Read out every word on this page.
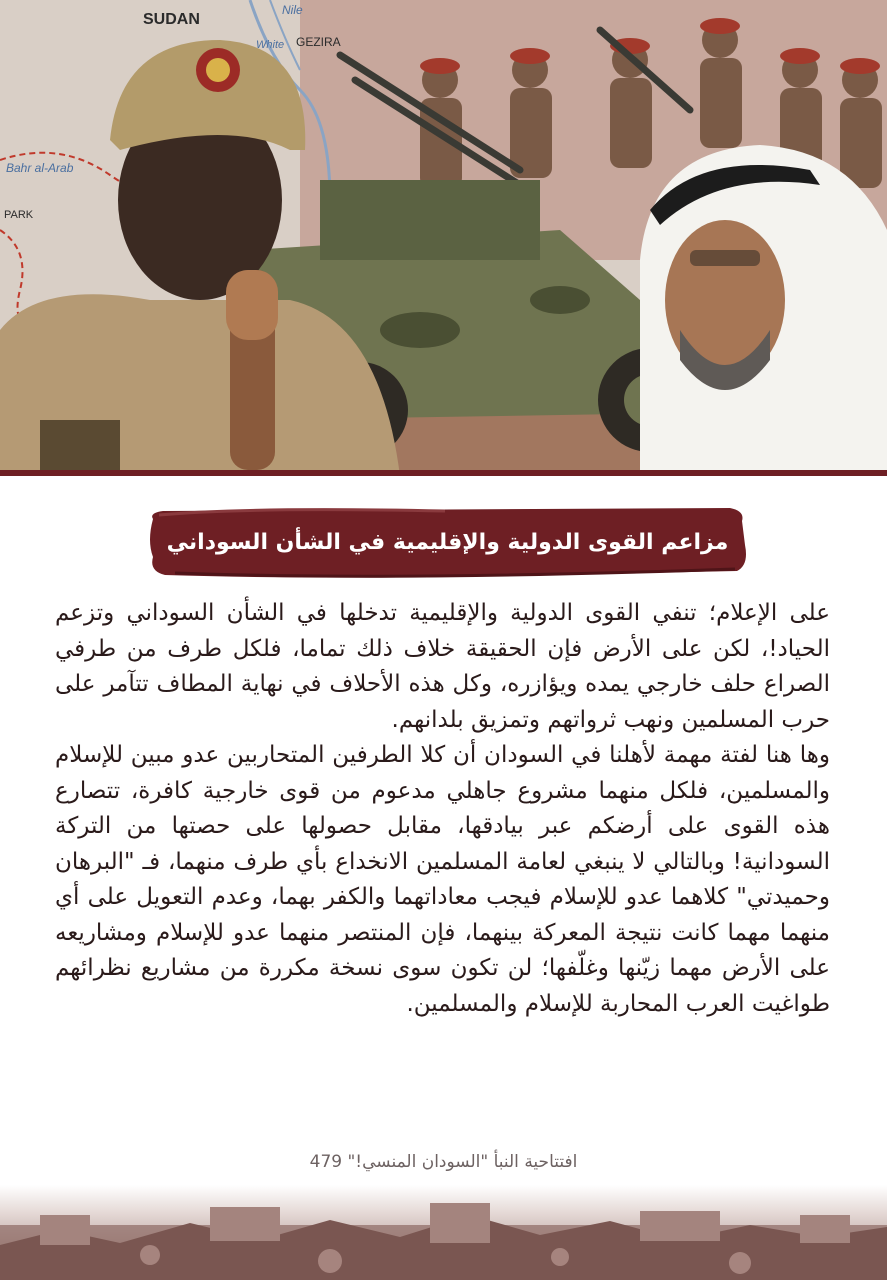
SUDAN
Nile
White GEZIRA
Bahr al-Arab
PARK
مزاعم القوى الدولية والإقليمية في الشأن السوداني

على الإعلام؛ تنفي القوى الدولية والإقليمية تدخلها في الشأن السوداني وتزعم الحياد!، لكن على الأرض فإن الحقيقة خلاف ذلك تماما، فلكل طرف من طرفي الصراع حلف خارجي يمده ويؤازره، وكل هذه الأحلاف في نهاية المطاف تتآمر على حرب المسلمين ونهب ثرواتهم وتمزيق بلدانهم.

وها هنا لفتة مهمة لأهلنا في السودان أن كلا الطرفين المتحاربين عدو مبين للإسلام والمسلمين، فلكل منهما مشروع جاهلي مدعوم من قوى خارجية كافرة، تتصارع هذه القوى على أرضكم عبر بيادقها، مقابل حصولها على حصتها من التركة السودانية! وبالتالي لا ينبغي لعامة المسلمين الانخداع بأي طرف منهما، فـ "البرهان وحميدتي" كلاهما عدو للإسلام فيجب معاداتهما والكفر بهما، وعدم التعويل على أي منهما مهما كانت نتيجة المعركة بينهما، فإن المنتصر منهما عدو للإسلام ومشاريعه على الأرض مهما زيّنها وغلّفها؛ لن تكون سوى نسخة مكررة من مشاريع نظرائهم طواغيت العرب المحاربة للإسلام والمسلمين.

افتتاحية النبأ "السودان المنسي!" 479
